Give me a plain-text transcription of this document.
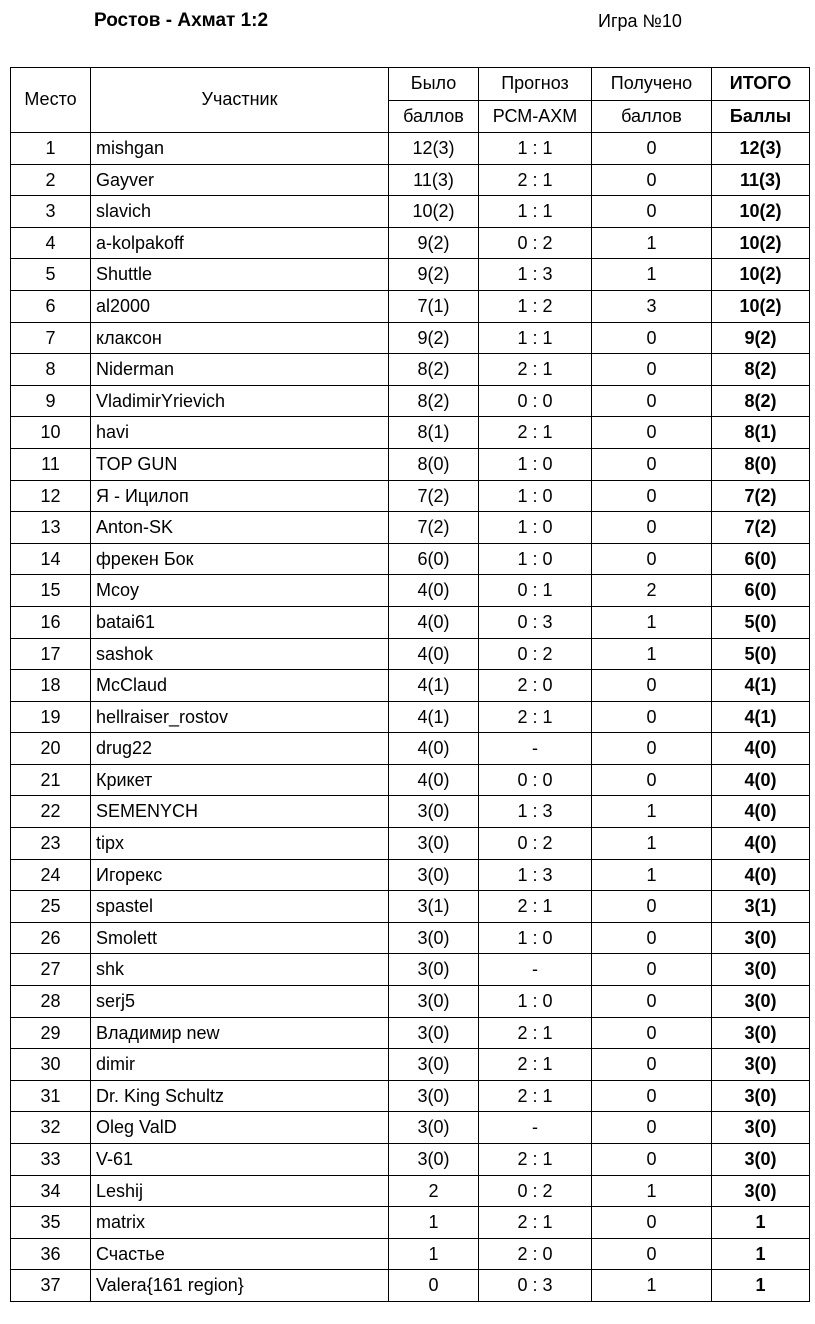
Ростов - Ахмат 1:2	Игра №10
Место	Участник	Было	Прогноз	Получено	ИТОГО
		баллов	РСМ-АХМ	баллов	Баллы
1	mishgan	12(3)	1 : 1	0	12(3)
2	Gayver	11(3)	2 : 1	0	11(3)
3	slavich	10(2)	1 : 1	0	10(2)
4	a-kolpakoff	9(2)	0 : 2	1	10(2)
5	Shuttle	9(2)	1 : 3	1	10(2)
6	al2000	7(1)	1 : 2	3	10(2)
7	клаксон	9(2)	1 : 1	0	9(2)
8	Niderman	8(2)	2 : 1	0	8(2)
9	VladimirYrievich	8(2)	0 : 0	0	8(2)
10	havi	8(1)	2 : 1	0	8(1)
11	TOP GUN	8(0)	1 : 0	0	8(0)
12	Я - Ицилоп	7(2)	1 : 0	0	7(2)
13	Anton-SK	7(2)	1 : 0	0	7(2)
14	фрекен Бок	6(0)	1 : 0	0	6(0)
15	Mcoy	4(0)	0 : 1	2	6(0)
16	batai61	4(0)	0 : 3	1	5(0)
17	sashok	4(0)	0 : 2	1	5(0)
18	McClaud	4(1)	2 : 0	0	4(1)
19	hellraiser_rostov	4(1)	2 : 1	0	4(1)
20	drug22	4(0)	-	0	4(0)
21	Крикет	4(0)	0 : 0	0	4(0)
22	SEMENYCH	3(0)	1 : 3	1	4(0)
23	tipx	3(0)	0 : 2	1	4(0)
24	Игорекс	3(0)	1 : 3	1	4(0)
25	spastel	3(1)	2 : 1	0	3(1)
26	Smolett	3(0)	1 : 0	0	3(0)
27	shk	3(0)	-	0	3(0)
28	serj5	3(0)	1 : 0	0	3(0)
29	Владимир new	3(0)	2 : 1	0	3(0)
30	dimir	3(0)	2 : 1	0	3(0)
31	Dr. King Schultz	3(0)	2 : 1	0	3(0)
32	Oleg ValD	3(0)	-	0	3(0)
33	V-61	3(0)	2 : 1	0	3(0)
34	Leshij	2	0 : 2	1	3(0)
35	matrix	1	2 : 1	0	1
36	Счастье	1	2 : 0	0	1
37	Valera{161 region}	0	0 : 3	1	1
